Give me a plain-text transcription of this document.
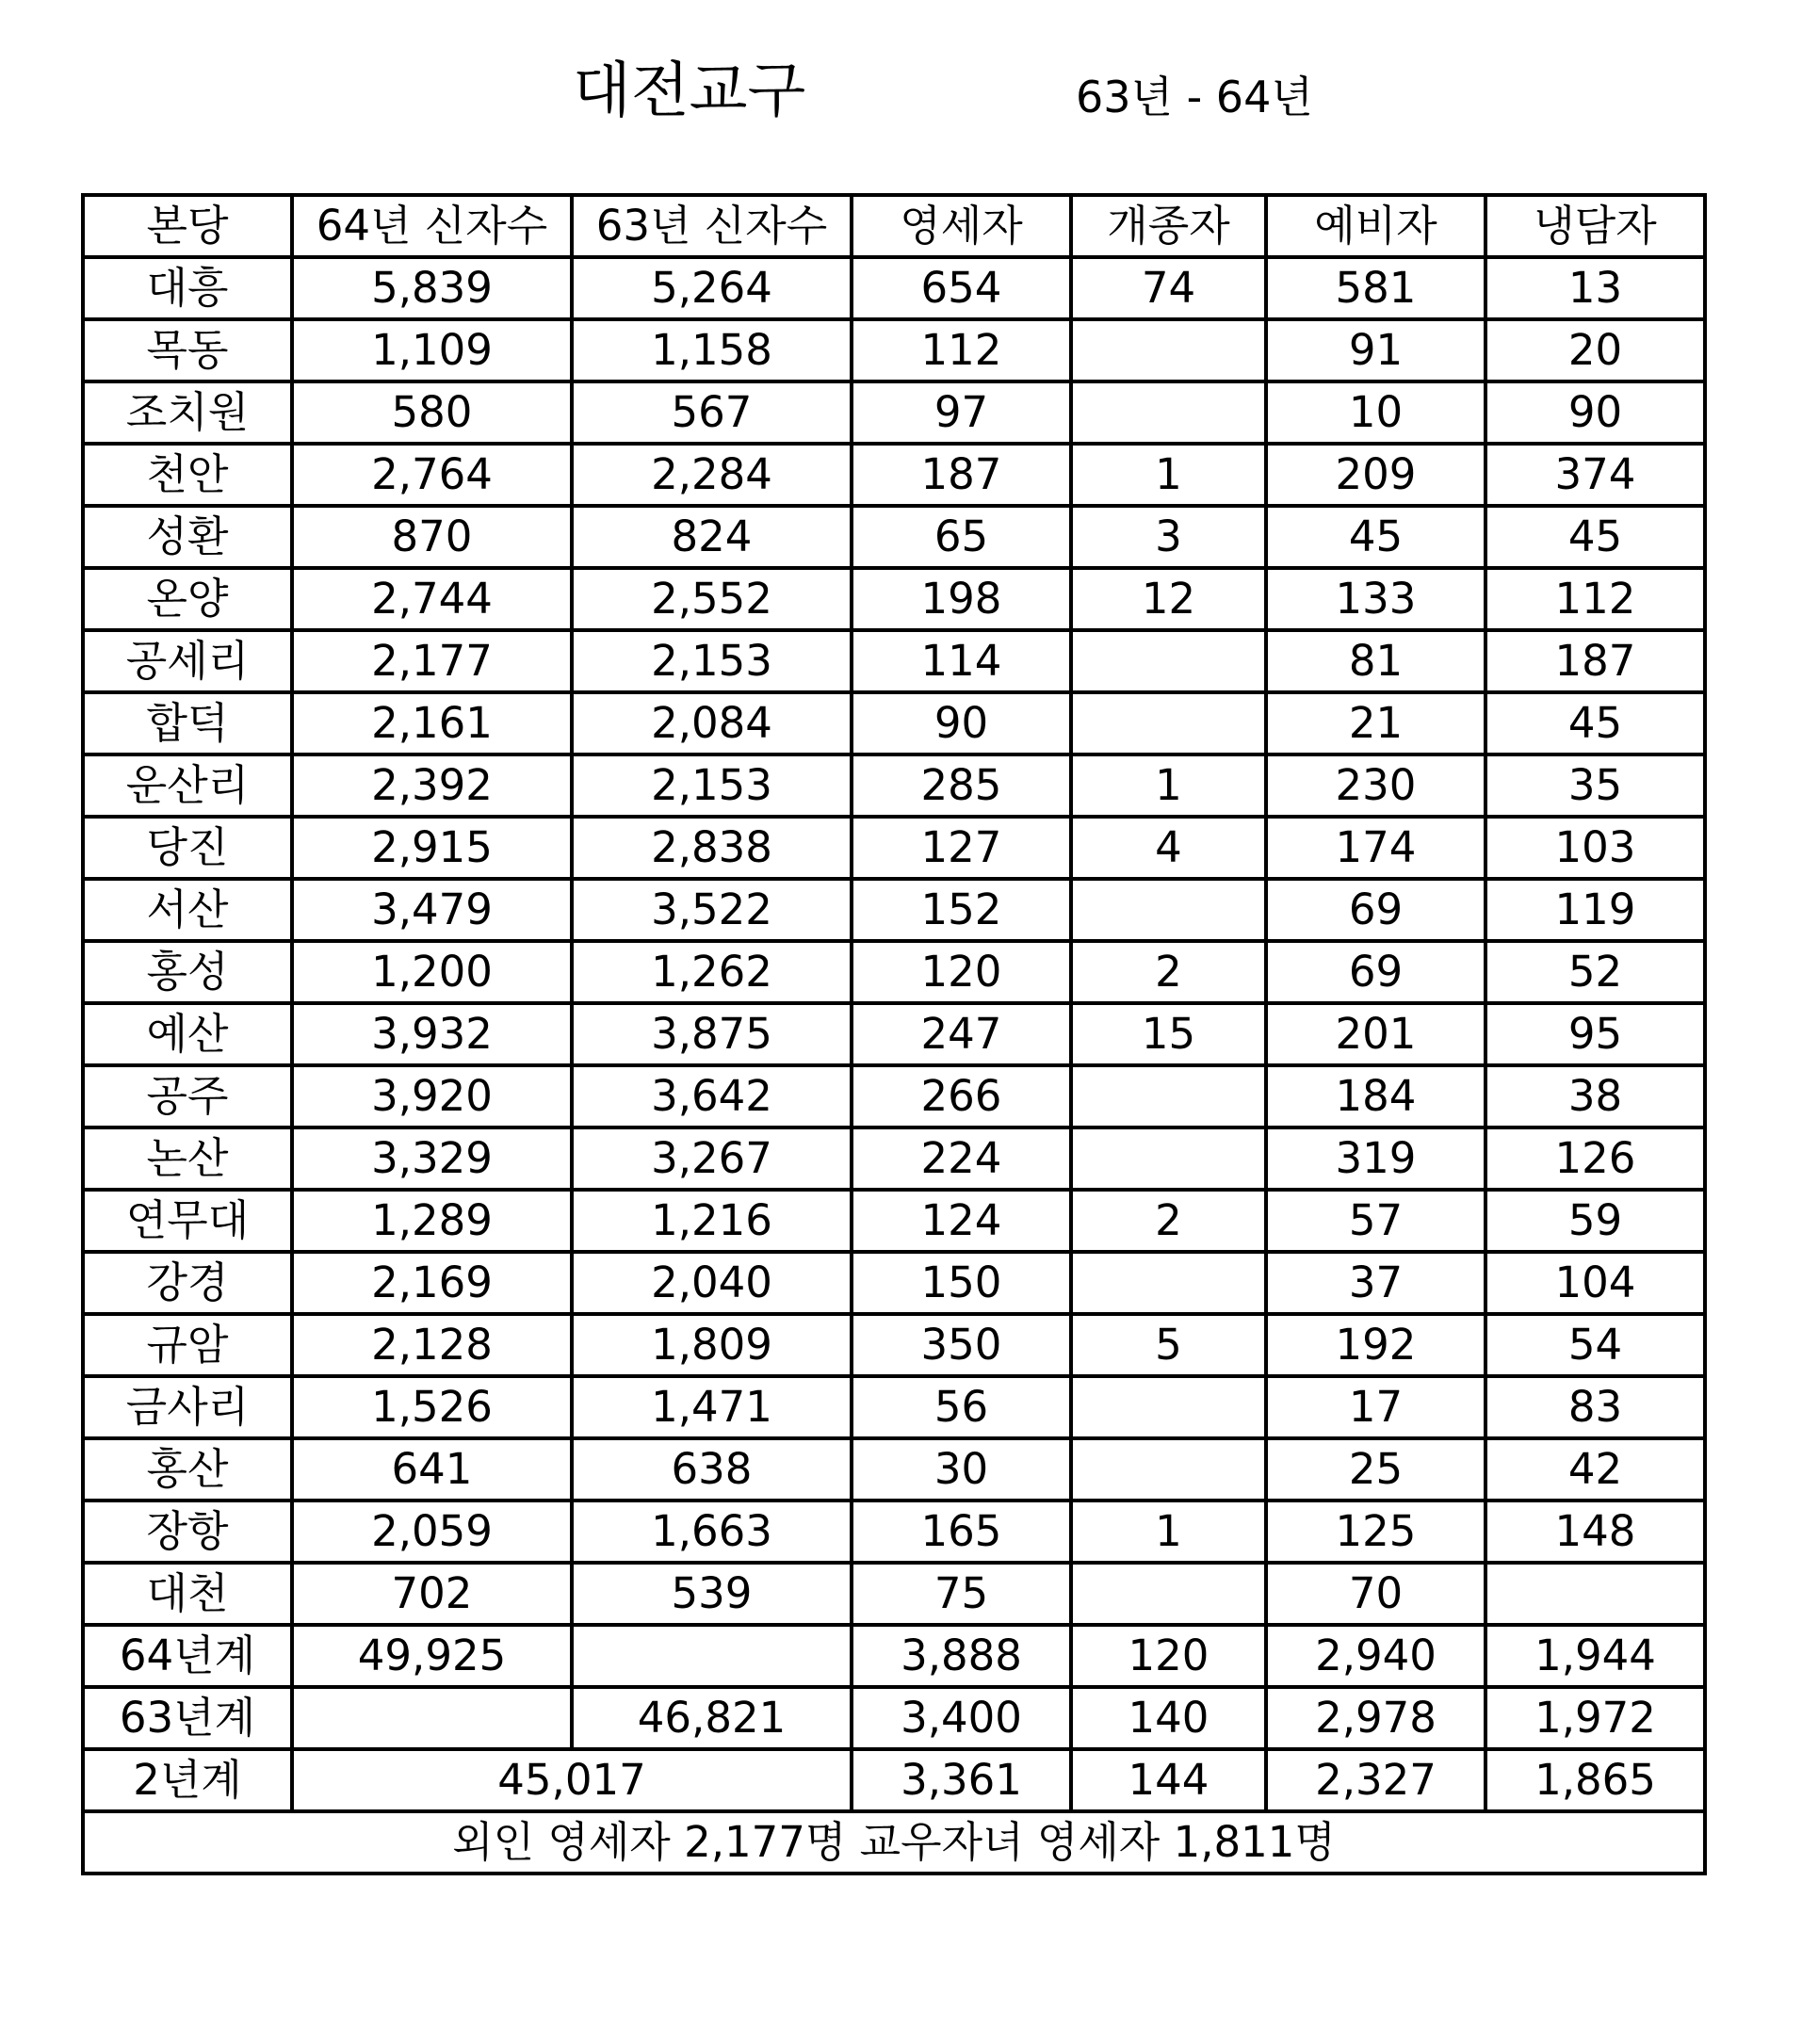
대전교구	63년 - 64년
본당	64년 신자수	63년 신자수	영세자	개종자	예비자	냉담자
대흥	5,839	5,264	654	74	581	13
목동	1,109	1,158	112		91	20
조치원	580	567	97		10	90
천안	2,764	2,284	187	1	209	374
성환	870	824	65	3	45	45
온양	2,744	2,552	198	12	133	112
공세리	2,177	2,153	114		81	187
합덕	2,161	2,084	90		21	45
운산리	2,392	2,153	285	1	230	35
당진	2,915	2,838	127	4	174	103
서산	3,479	3,522	152		69	119
홍성	1,200	1,262	120	2	69	52
예산	3,932	3,875	247	15	201	95
공주	3,920	3,642	266		184	38
논산	3,329	3,267	224		319	126
연무대	1,289	1,216	124	2	57	59
강경	2,169	2,040	150		37	104
규암	2,128	1,809	350	5	192	54
금사리	1,526	1,471	56		17	83
홍산	641	638	30		25	42
장항	2,059	1,663	165	1	125	148
대천	702	539	75		70	
64년계	49,925		3,888	120	2,940	1,944
63년계		46,821	3,400	140	2,978	1,972
2년계	45,017		3,361	144	2,327	1,865
외인 영세자 2,177명 교우자녀 영세자 1,811명						
